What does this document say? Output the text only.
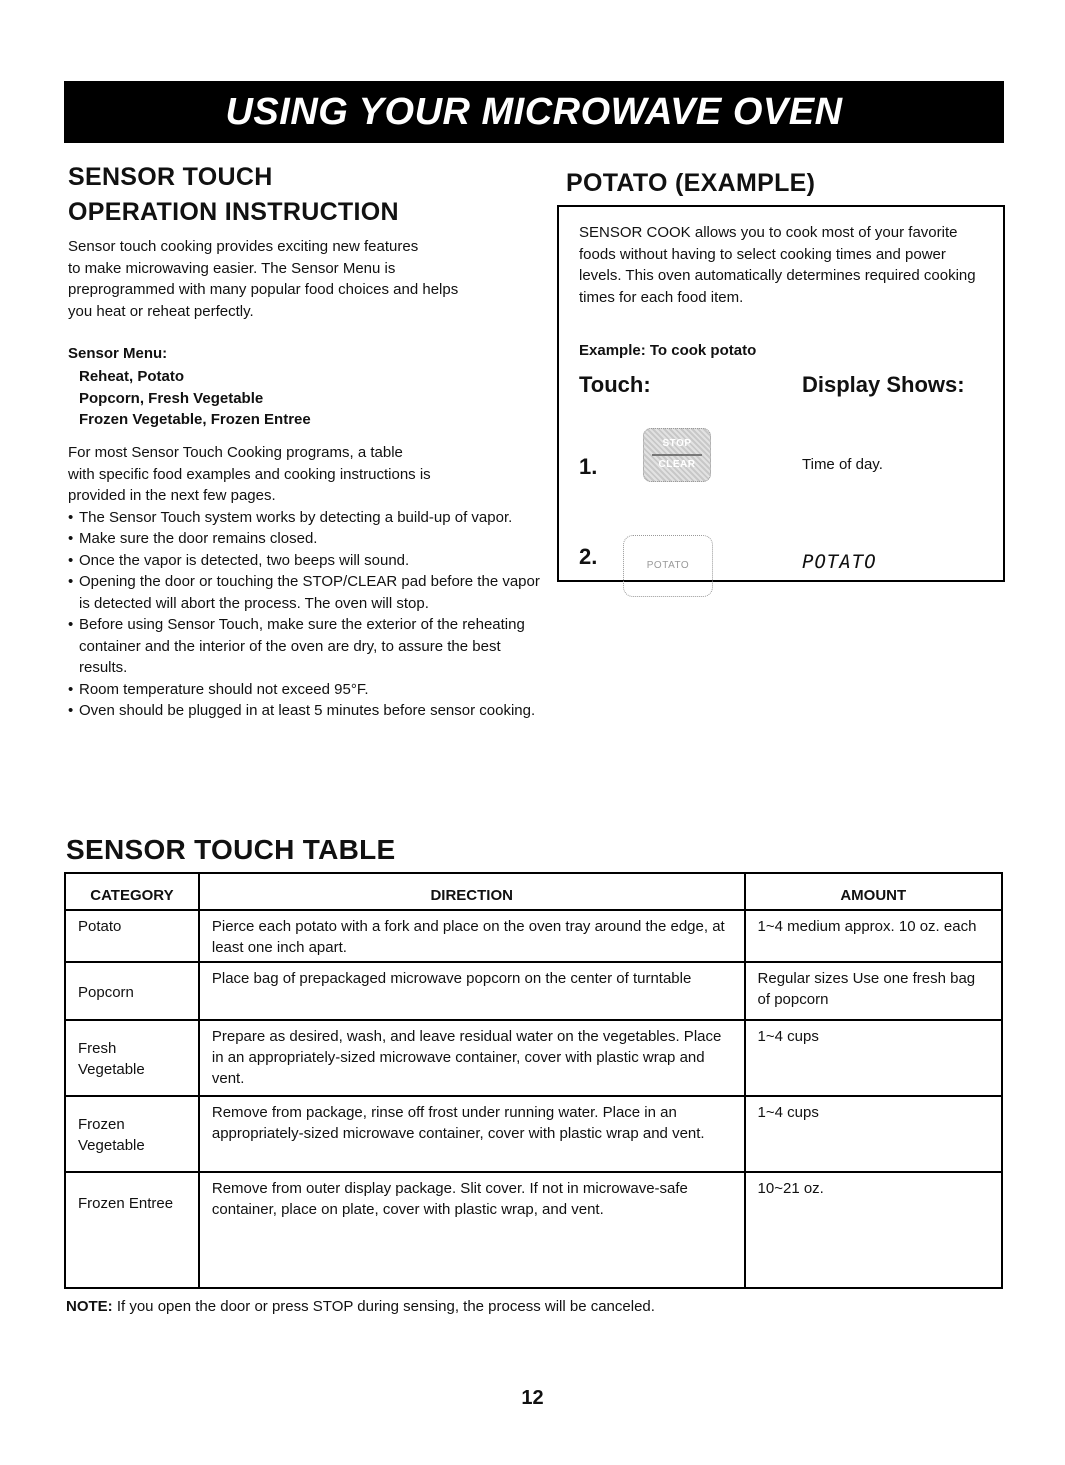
USING YOUR MICROWAVE OVEN
SENSOR TOUCH
OPERATION INSTRUCTION

Sensor touch cooking provides exciting new features

to make microwaving easier. The Sensor Menu is

preprogrammed with many popular food choices and helps

you heat or reheat perfectly.

Sensor Menu:
Reheat, Potato
Popcorn, Fresh Vegetable
Frozen Vegetable, Frozen Entree

For most Sensor Touch Cooking programs, a table

with specific food examples and cooking instructions is

provided in the next few pages.

• The Sensor Touch system works by detecting a build-up of vapor.
• Make sure the door remains closed.
• Once the vapor is detected, two beeps will sound.
• Opening the door or touching the STOP/CLEAR pad before the vapor is detected will abort the process. The oven will stop.
• Before using Sensor Touch, make sure the exterior of the reheating container and the interior of the oven are dry, to assure the best results.
• Room temperature should not exceed 95°F.
• Oven should be plugged in at least 5 minutes before sensor cooking.
POTATO (EXAMPLE)
SENSOR COOK allows you to cook most of your favorite foods without having to select cooking times and power levels. This oven automatically determines required cooking times for each food item.
Example: To cook potato
Touch:	Display Shows:
1.
STOP
CLEAR	Time of day.
2.	POTATO	POTATO
SENSOR TOUCH TABLE
CATEGORY	DIRECTION	AMOUNT
Potato	Pierce each potato with a fork and place on the oven tray around the edge, at least one inch apart.	1~4 medium approx. 10 oz. each
Popcorn	Place bag of prepackaged microwave popcorn on the center of turntable	Regular sizes Use one fresh bag of popcorn
Fresh Vegetable	Prepare as desired, wash, and leave residual water on the vegetables. Place in an appropriately-sized microwave container, cover with plastic wrap and vent.	1~4 cups
Frozen Vegetable	Remove from package, rinse off frost under running water. Place in an appropriately-sized microwave container, cover with plastic wrap and vent.	1~4 cups
Frozen Entree	Remove from outer display package. Slit cover. If not in microwave-safe container, place on plate, cover with plastic wrap, and vent.	10~21 oz.
NOTE: If you open the door or press STOP during sensing, the process will be canceled.
12
